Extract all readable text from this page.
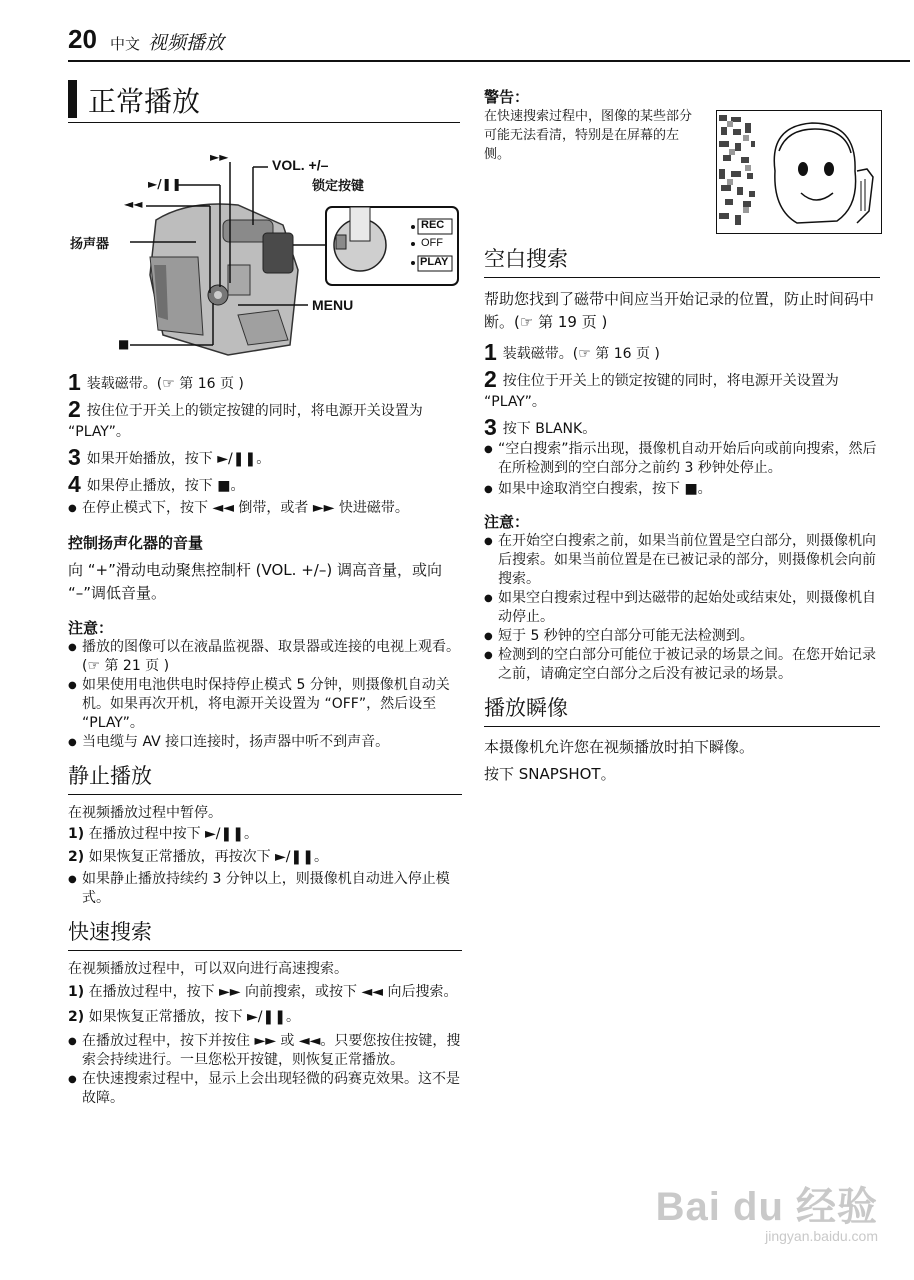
20 中文 视频播放
正常播放
►►
►/❚❚
◄◄
扬声器
■
VOL. +/–
锁定按键
MENU
REC
OFF
PLAY
1 装载磁带。(☞ 第 16 页 )
2 按住位于开关上的锁定按键的同时，将电源开关设置为 “PLAY”。
3 如果开始播放，按下 ►/❚❚。
4 如果停止播放，按下 ■。
● 在停止模式下，按下 ◄◄ 倒带，或者 ►► 快进磁带。
控制扬声化器的音量
向 “+”滑动电动聚焦控制杆 (VOL. +/–) 调高音量，或向 “–”调低音量。
注意：
● 播放的图像可以在液晶监视器、取景器或连接的电视上观看。(☞ 第 21 页 )
● 如果使用电池供电时保持停止模式 5 分钟，则摄像机自动关机。如果再次开机，将电源开关设置为 “OFF”，然后设至 “PLAY”。
● 当电缆与 AV 接口连接时，扬声器中听不到声音。
静止播放
在视频播放过程中暂停。
1) 在播放过程中按下 ►/❚❚。
2) 如果恢复正常播放，再按次下 ►/❚❚。
● 如果静止播放持续约 3 分钟以上，则摄像机自动进入停止模式。
快速搜索
在视频播放过程中，可以双向进行高速搜索。
1) 在播放过程中，按下 ►► 向前搜索，或按下 ◄◄ 向后搜索。
2) 如果恢复正常播放，按下 ►/❚❚。
● 在播放过程中，按下并按住 ►► 或 ◄◄。只要您按住按键，搜索会持续进行。一旦您松开按键，则恢复正常播放。
● 在快速搜索过程中，显示上会出现轻微的码赛克效果。这不是故障。
警告：
在快速搜索过程中，图像的某些部分可能无法看清，特别是在屏幕的左侧。
空白搜索
帮助您找到了磁带中间应当开始记录的位置，防止时间码中断。(☞ 第 19 页 )
1 装载磁带。(☞ 第 16 页 )
2 按住位于开关上的锁定按键的同时，将电源开关设置为 “PLAY”。
3 按下 BLANK。
● “空白搜索”指示出现，摄像机自动开始后向或前向搜索，然后在所检测到的空白部分之前约 3 秒钟处停止。
● 如果中途取消空白搜索，按下 ■。
注意：
● 在开始空白搜索之前，如果当前位置是空白部分，则摄像机向后搜索。如果当前位置是在已被记录的部分，则摄像机会向前搜索。
● 如果空白搜索过程中到达磁带的起始处或结束处，则摄像机自动停止。
● 短于 5 秒钟的空白部分可能无法检测到。
● 检测到的空白部分可能位于被记录的场景之间。在您开始记录之前，请确定空白部分之后没有被记录的场景。
播放瞬像
本摄像机允许您在视频播放时拍下瞬像。
按下 SNAPSHOT。
Bai du 经验
jingyan.baidu.com
